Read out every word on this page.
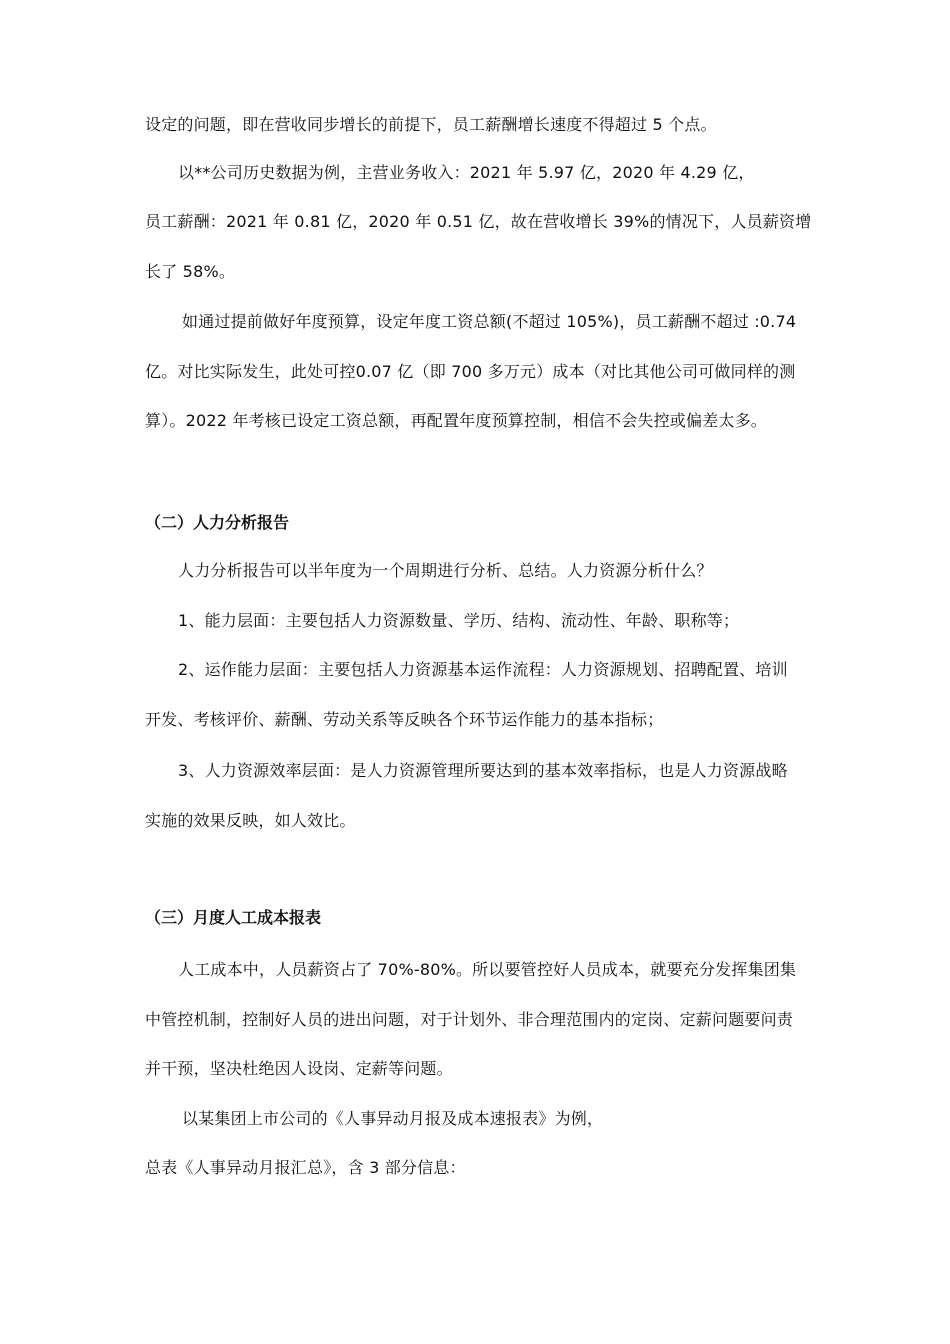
设定的问题，即在营收同步增长的前提下，员工薪酬增长速度不得超过 5 个点。
以**公司历史数据为例，主营业务收入：2021 年 5.97 亿，2020 年 4.29 亿，
员工薪酬：2021 年 0.81 亿，2020 年 0.51 亿，故在营收增长 39%的情况下，人员薪资增
长了 58%。
如通过提前做好年度预算，设定年度工资总额(不超过 105%)，员工薪酬不超过 :0.74
亿。对比实际发生，此处可控0.07 亿（即 700 多万元）成本（对比其他公司可做同样的测
算）。2022 年考核已设定工资总额，再配置年度预算控制，相信不会失控或偏差太多。
（二）人力分析报告
人力分析报告可以半年度为一个周期进行分析、总结。人力资源分析什么？
1、能力层面：主要包括人力资源数量、学历、结构、流动性、年龄、职称等；
2、运作能力层面：主要包括人力资源基本运作流程：人力资源规划、招聘配置、培训
开发、考核评价、薪酬、劳动关系等反映各个环节运作能力的基本指标；
3、人力资源效率层面：是人力资源管理所要达到的基本效率指标，也是人力资源战略
实施的效果反映，如人效比。
（三）月度人工成本报表
人工成本中，人员薪资占了 70%-80%。所以要管控好人员成本，就要充分发挥集团集
中管控机制，控制好人员的进出问题，对于计划外、非合理范围内的定岗、定薪问题要问责
并干预，坚决杜绝因人设岗、定薪等问题。
以某集团上市公司的《人事异动月报及成本速报表》为例，
总表《人事异动月报汇总》，含 3 部分信息：
